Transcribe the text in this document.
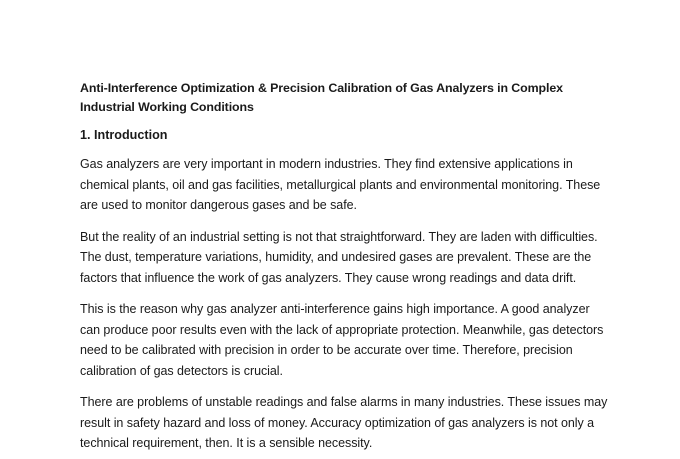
Anti-Interference Optimization & Precision Calibration of Gas Analyzers in Complex Industrial Working Conditions

1. Introduction

Gas analyzers are very important in modern industries. They find extensive applications in chemical plants, oil and gas facilities, metallurgical plants and environmental monitoring. These are used to monitor dangerous gases and be safe.

But the reality of an industrial setting is not that straightforward. They are laden with difficulties. The dust, temperature variations, humidity, and undesired gases are prevalent. These are the factors that influence the work of gas analyzers. They cause wrong readings and data drift.

This is the reason why gas analyzer anti-interference gains high importance. A good analyzer can produce poor results even with the lack of appropriate protection. Meanwhile, gas detectors need to be calibrated with precision in order to be accurate over time. Therefore, precision calibration of gas detectors is crucial.

There are problems of unstable readings and false alarms in many industries. These issues may result in safety hazard and loss of money. Accuracy optimization of gas analyzers is not only a technical requirement, then. It is a sensible necessity.
